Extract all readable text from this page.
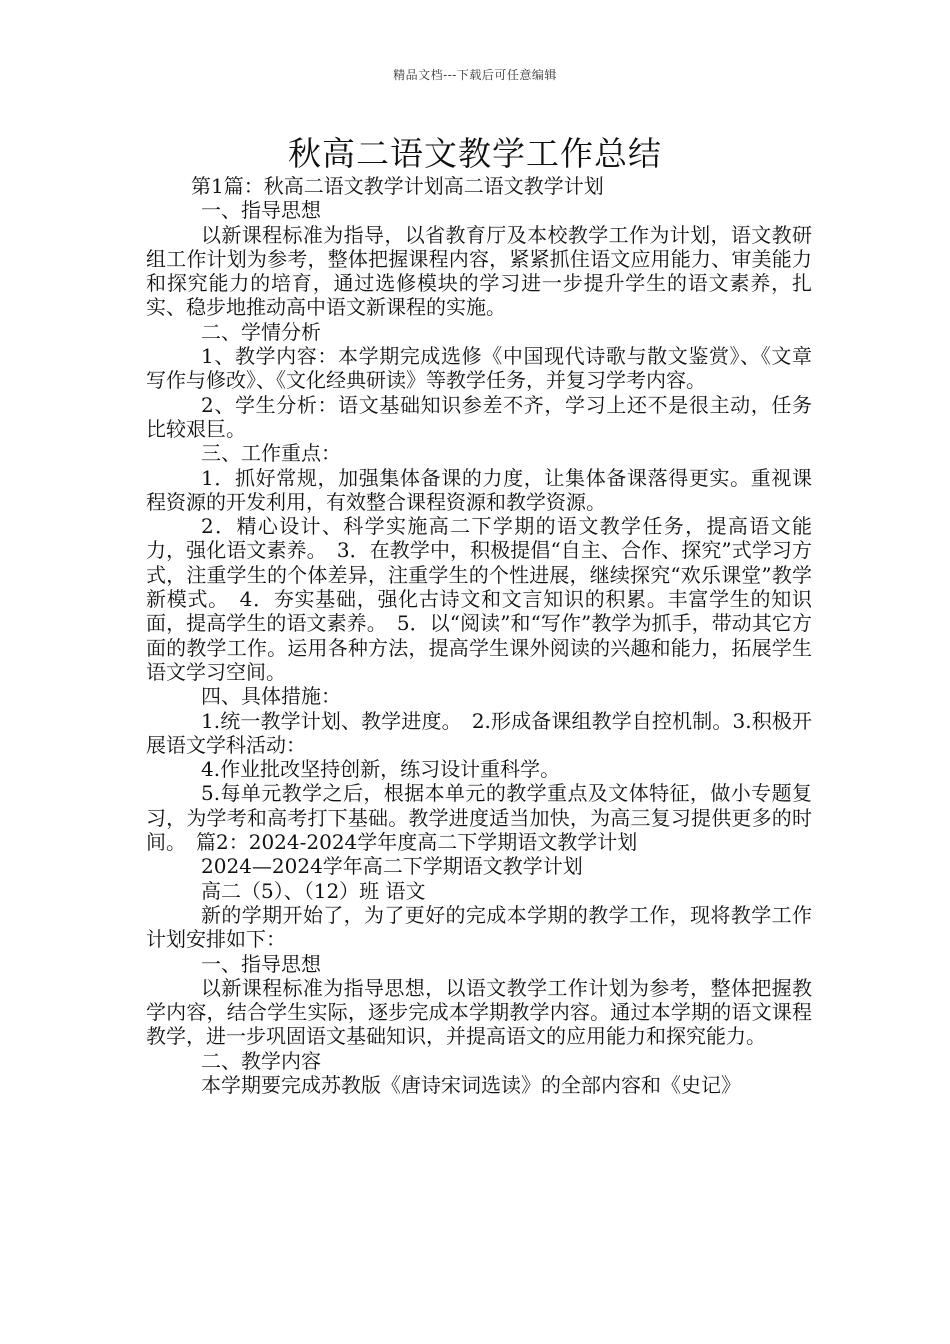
精品文档---下载后可任意编辑
秋高二语文教学工作总结

第1篇：秋高二语文教学计划高二语文教学计划

一、指导思想

以新课程标准为指导，以省教育厅及本校教学工作为计划，语文教研组工作计划为参考，整体把握课程内容，紧紧抓住语文应用能力、审美能力和探究能力的培育，通过选修模块的学习进一步提升学生的语文素养，扎实、稳步地推动高中语文新课程的实施。

二、学情分析

1、教学内容：本学期完成选修《中国现代诗歌与散文鉴赏》、《文章写作与修改》、《文化经典研读》等教学任务，并复习学考内容。

2、学生分析：语文基础知识参差不齐，学习上还不是很主动，任务比较艰巨。

三、工作重点：

1．抓好常规，加强集体备课的力度，让集体备课落得更实。重视课程资源的开发利用，有效整合课程资源和教学资源。

2．精心设计、科学实施高二下学期的语文教学任务，提高语文能力，强化语文素养。　3．在教学中，积极提倡“自主、合作、探究”式学习方式，注重学生的个体差异，注重学生的个性进展，继续探究“欢乐课堂”教学新模式。　4．夯实基础，强化古诗文和文言知识的积累。丰富学生的知识面，提高学生的语文素养。　5．以“阅读”和“写作”教学为抓手，带动其它方面的教学工作。运用各种方法，提高学生课外阅读的兴趣和能力，拓展学生语文学习空间。

四、具体措施：

1.统一教学计划、教学进度。　2.形成备课组教学自控机制。3.积极开展语文学科活动：

4.作业批改坚持创新，练习设计重科学。

5.每单元教学之后，根据本单元的教学重点及文体特征，做小专题复习，为学考和高考打下基础。教学进度适当加快，为高三复习提供更多的时间。　篇2：2024-2024学年度高二下学期语文教学计划

2024—2024学年高二下学期语文教学计划

高二（5）、（12）班 语文

新的学期开始了，为了更好的完成本学期的教学工作，现将教学工作计划安排如下：

一、指导思想

以新课程标准为指导思想，以语文教学工作计划为参考，整体把握教学内容，结合学生实际，逐步完成本学期教学内容。通过本学期的语文课程教学，进一步巩固语文基础知识，并提高语文的应用能力和探究能力。

二、教学内容

本学期要完成苏教版《唐诗宋词选读》的全部内容和《史记》
